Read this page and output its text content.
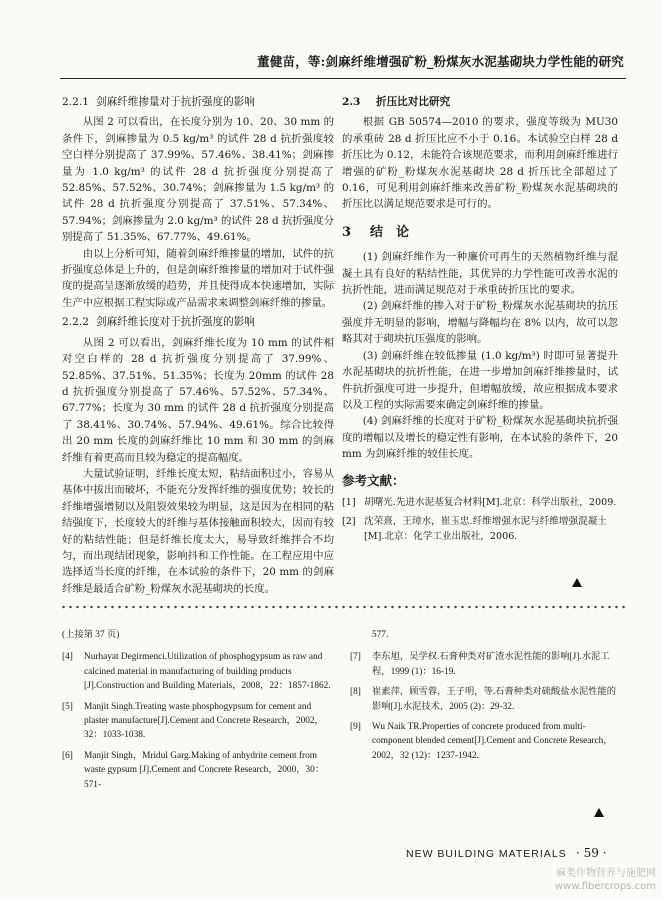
董健苗，等:剑麻纤维增强矿粉_粉煤灰水泥基砌块力学性能的研究
2.2.1 剑麻纤维掺量对于抗折强度的影响

从图 2 可以看出，在长度分别为 10、20、30 mm 的条件下，剑麻掺量为 0.5 kg/m³ 的试件 28 d 抗折强度较空白样分别提高了 37.99%、57.46%、38.41%；剑麻掺量为 1.0 kg/m³ 的试件 28 d 抗折强度分别提高了 52.85%、57.52%、30.74%；剑麻掺量为 1.5 kg/m³ 的试件 28 d 抗折强度分别提高了 37.51%、57.34%、57.94%；剑麻掺量为 2.0 kg/m³ 的试件 28 d 抗折强度分别提高了 51.35%、67.77%、49.61%。

由以上分析可知，随着剑麻纤维掺量的增加，试件的抗折强度总体是上升的，但是剑麻纤维掺量的增加对于试件强度的提高呈逐渐放缓的趋势，并且使得成本快速增加，实际生产中应根据工程实际或产品需求来调整剑麻纤维的掺量。

2.2.2 剑麻纤维长度对于抗折强度的影响

从图 2 可以看出，剑麻纤维长度为 10 mm 的试件相对空白样的 28 d 抗折强度分别提高了 37.99%、52.85%、37.51%、51.35%；长度为 20mm 的试件 28 d 抗折强度分别提高了 57.46%、57.52%、57.34%、67.77%；长度为 30 mm 的试件 28 d 抗折强度分别提高了 38.41%、30.74%、57.94%、49.61%。综合比较得出 20 mm 长度的剑麻纤维比 10 mm 和 30 mm 的剑麻纤维有着更高而且较为稳定的提高幅度。

大量试验证明，纤维长度太短，粘结面积过小，容易从基体中拔出而破坏，不能充分发挥纤维的强度优势；较长的纤维增强增韧以及阻裂效果较为明显，这是因为在相同的粘结强度下，长度较大的纤维与基体接触面积较大，因而有较好的粘结性能；但是纤维长度太大，易导致纤维拌合不均匀，而出现结团现象，影响抖和工作性能。在工程应用中应选择适当长度的纤维，在本试验的条件下，20 mm 的剑麻纤维是最适合矿粉_粉煤灰水泥基砌块的长度。

2.3 折压比对比研究

根据 GB 50574—2010 的要求，强度等级为 MU30 的承重砖 28 d 折压比应不小于 0.16。本试验空白样 28 d 折压比为 0.12，未能符合该规范要求，而利用剑麻纤维进行增强的矿粉_粉煤灰水泥基砌块 28 d 折压比全部超过了 0.16，可见利用剑麻纤维来改善矿粉_粉煤灰水泥基砌块的折压比以满足规范要求是可行的。

3 结　论

(1) 剑麻纤维作为一种廉价可再生的天然植物纤维与混凝土具有良好的粘结性能，其优异的力学性能可改善水泥的抗折性能，进而满足规范对于承重砖折压比的要求。

(2) 剑麻纤维的掺入对于矿粉_粉煤灰水泥基砌块的抗压强度并无明显的影响，增幅与降幅均在 8% 以内，故可以忽略其对于砌块抗压强度的影响。

(3) 剑麻纤维在较低掺量 (1.0 kg/m³) 时即可显著提升水泥基砌块的抗折性能，在进一步增加剑麻纤维掺量时，试件抗折强度可进一步提升，但增幅放缓，故应根据成本要求以及工程的实际需要来确定剑麻纤维的掺量。

(4) 剑麻纤维的长度对于矿粉_粉煤灰水泥基砌块抗折强度的增幅以及增长的稳定性有影响，在本试验的条件下，20 mm 为剑麻纤维的较佳长度。

参考文献：
[1] 胡曙光.先进水泥基复合材料[M].北京：科学出版社，2009.
[2] 沈荣熹，王璋水，崔玉忠.纤维增强水泥与纤维增强混凝土[M].北京：化学工业出版社，2006.
(上接第 37 页)
[4]	Nurhayat Degirmenci.Utilization of phosphogypsum as raw and calcined material in manufacturing of building products [J].Construction and Building Materials，2008，22：1857-1862.
[5]	Manjit Singh.Treating waste phosphogypsum for cement and plaster manufacture[J].Cement and Concrete Research，2002，32：1033-1038.
[6]	Manjit Singh，Mridul Garg.Making of anhydrite cement from waste gypsum [J].Cement and Concrete Research，2000，30：571-
577.
[7]	李东旭，吴学权.石膏种类对矿渣水泥性能的影响[J].水泥工程，1999 (1)：16-19.
[8]	崔素萍，顾雪蓉，王子明，等.石膏种类对硫酸盐水泥性能的影响[J].水泥技术，2005 (2)：29-32.
[9]	Wu Naik TR.Properties of concrete produced from multi-component blended cement[J].Cement and Concrete Research，2002，32 (12)：1237-1942.
NEW BUILDING MATERIALS · 59 ·
麻类作物营养与施肥网
www.fibercrops.com
